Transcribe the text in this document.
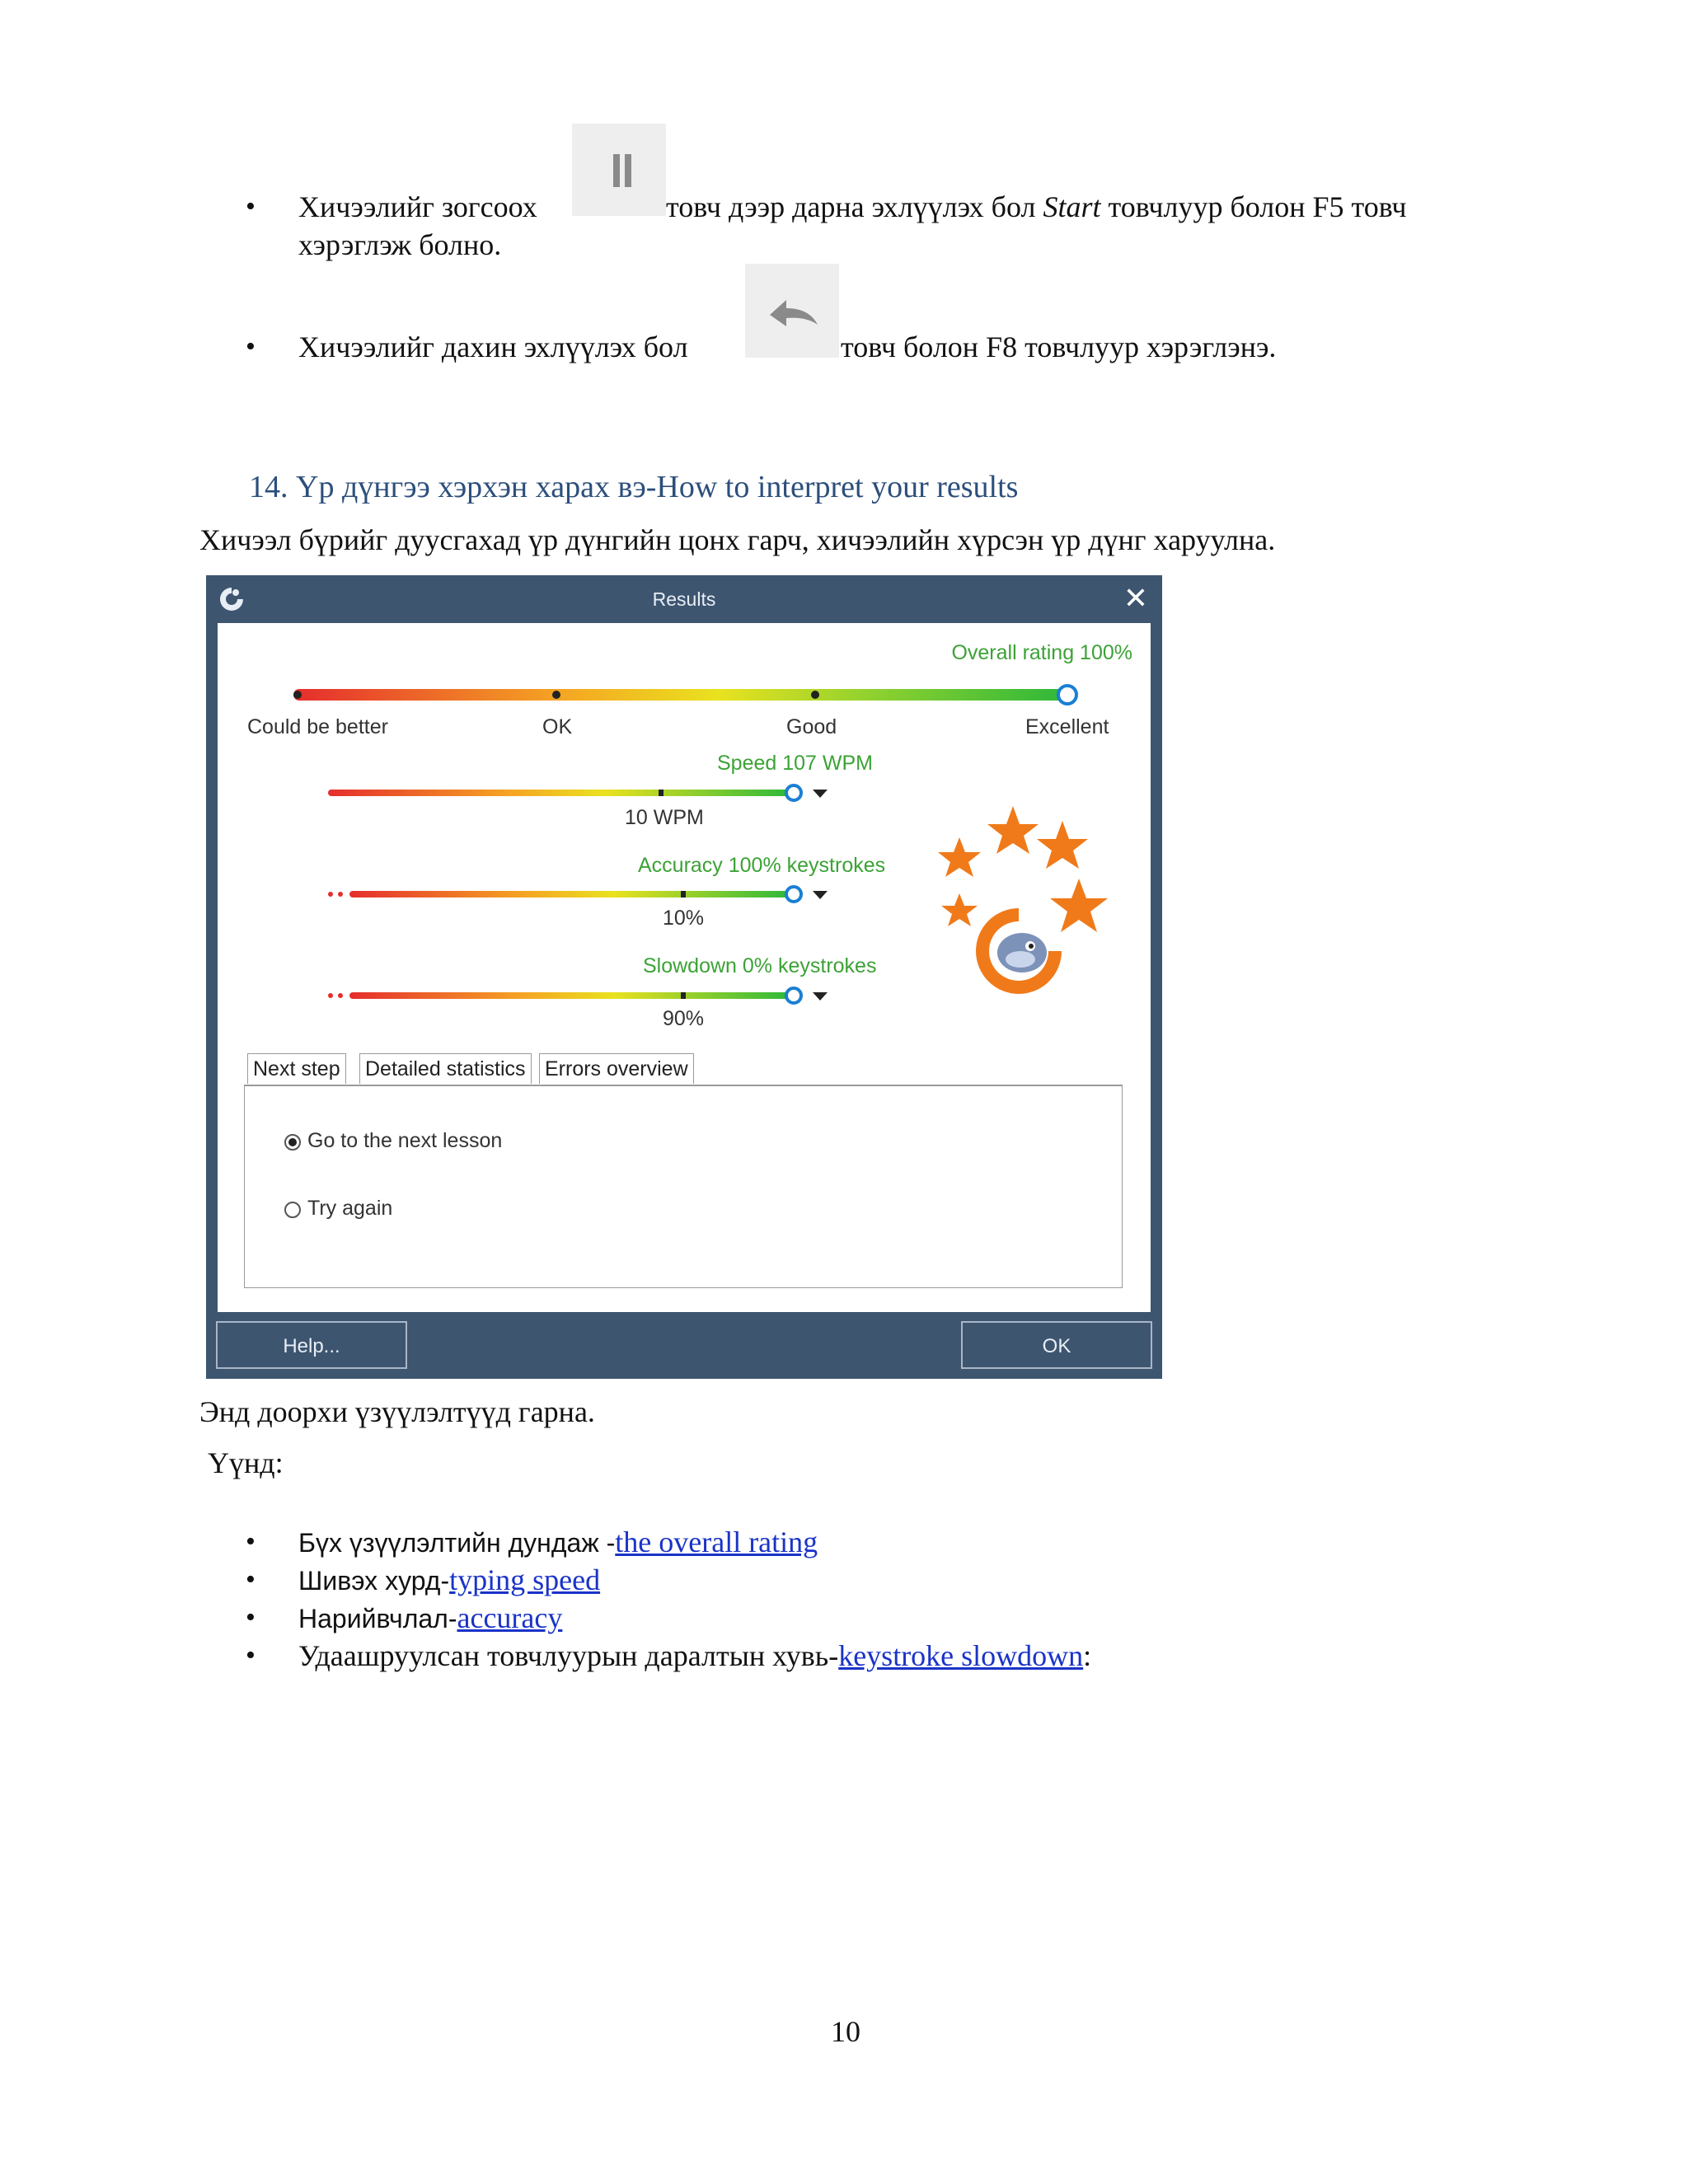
• Хичээлийг зогсоох	товч дээр дарна эхлүүлэх бол Start товчлуур болон F5 товч
хэрэглэж болно.
• Хичээлийг дахин эхлүүлэх бол	товч болон F8 товчлуур хэрэглэнэ.
14. Үр дүнгээ хэрхэн харах вэ-How to interpret your results
Хичээл бүрийг дуусгахад үр дүнгийн цонх гарч, хичээлийн хүрсэн үр дүнг харуулна.
Results	✕
Overall rating 100%
Could be better	OK	Good	Excellent
Speed 107 WPM
10 WPM
Accuracy 100% keystrokes
10%
Slowdown 0% keystrokes
90%
Next step Detailed statistics Errors overview
Go to the next lesson
Try again
Help...	OK
Энд доорхи үзүүлэлтүүд гарна.
Үүнд:
• Бүх үзүүлэлтийн дундаж -the overall rating
• Шивэх хурд-typing speed
• Нарийвчлал-accuracy
• Удаашруулсан товчлуурын даралтын хувь-keystroke slowdown:
10
